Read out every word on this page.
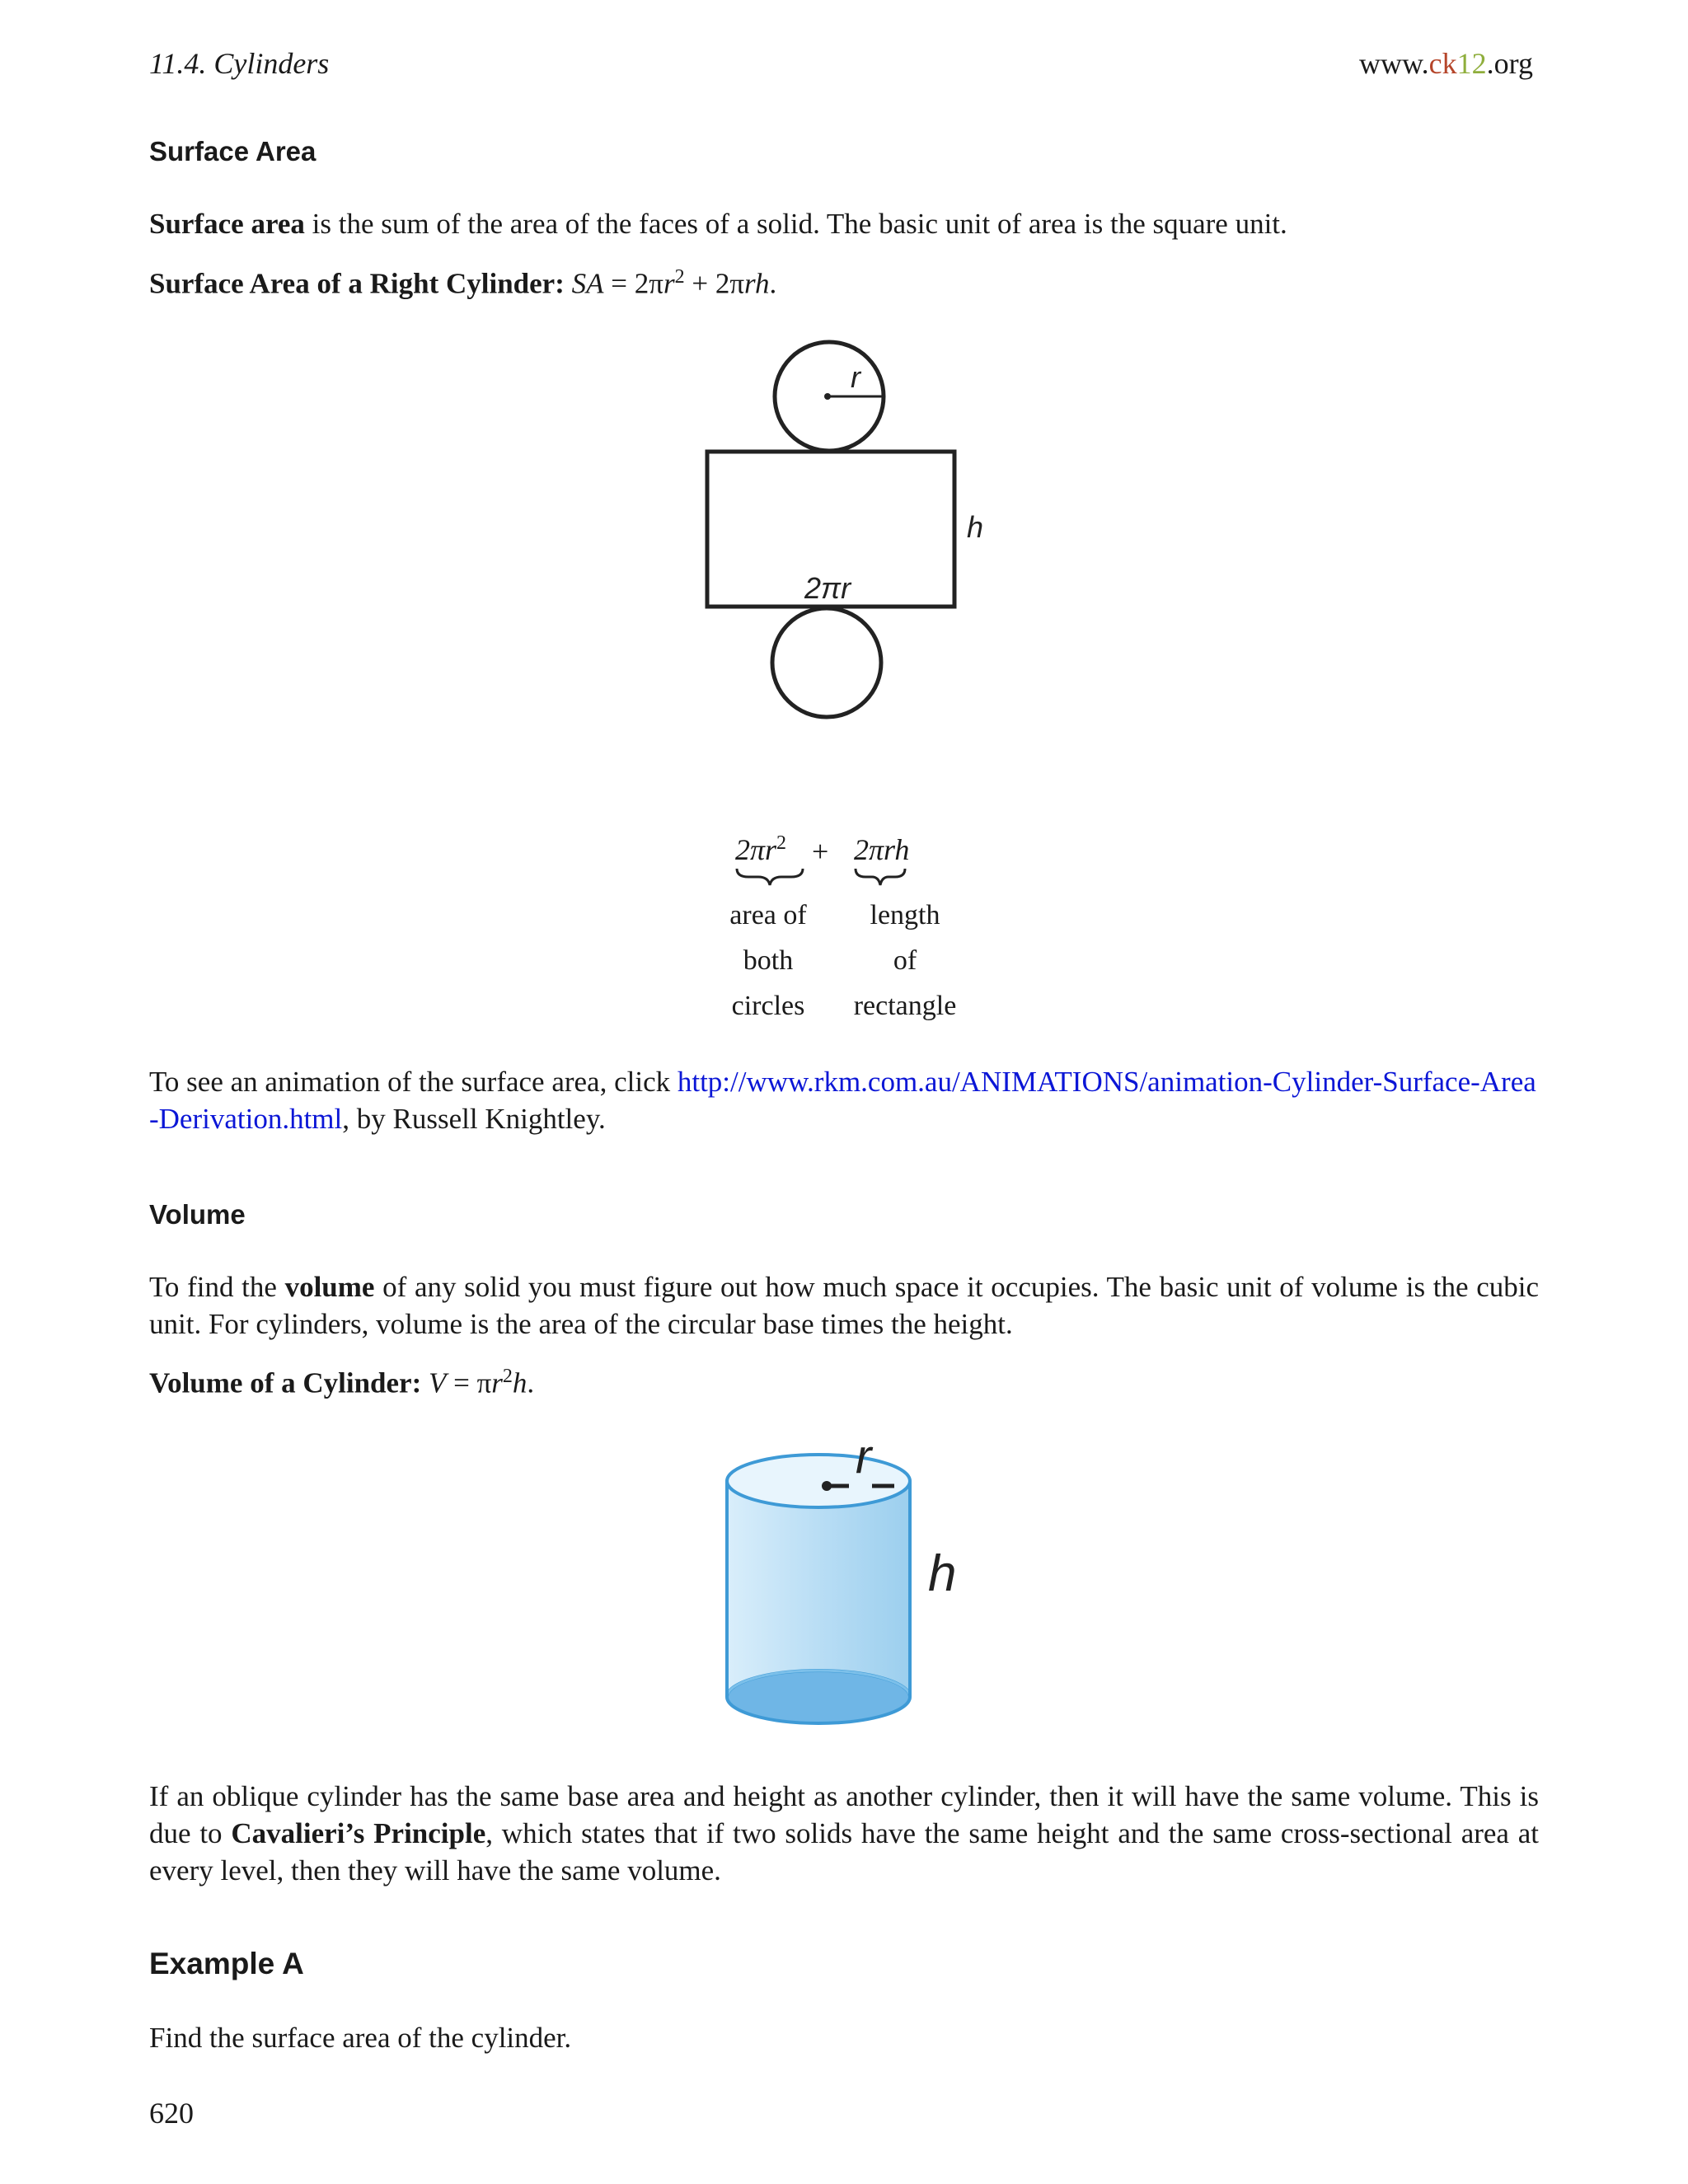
11.4. Cylinders	www.ck12.org
Surface Area
Surface area is the sum of the area of the faces of a solid. The basic unit of area is the square unit.
Surface Area of a Right Cylinder: SA = $2\pi r^2 + 2\pi rh$.
r
h
2πr
$2\pi r^2 + 2\pi rh$
area of
both
circles
length
of
rectangle
To see an animation of the surface area, click http://www.rkm.com.au/ANIMATIONS/animation-Cylinder-Surface-Area-Derivation.html, by Russell Knightley.
Volume
To find the volume of any solid you must figure out how much space it occupies. The basic unit of volume is the cubic unit. For cylinders, volume is the area of the circular base times the height.
Volume of a Cylinder: $V = \pi r^2h$.
r
h
If an oblique cylinder has the same base area and height as another cylinder, then it will have the same volume. This is due to Cavalieri’s Principle, which states that if two solids have the same height and the same cross-sectional area at every level, then they will have the same volume.
Example A
Find the surface area of the cylinder.
620
